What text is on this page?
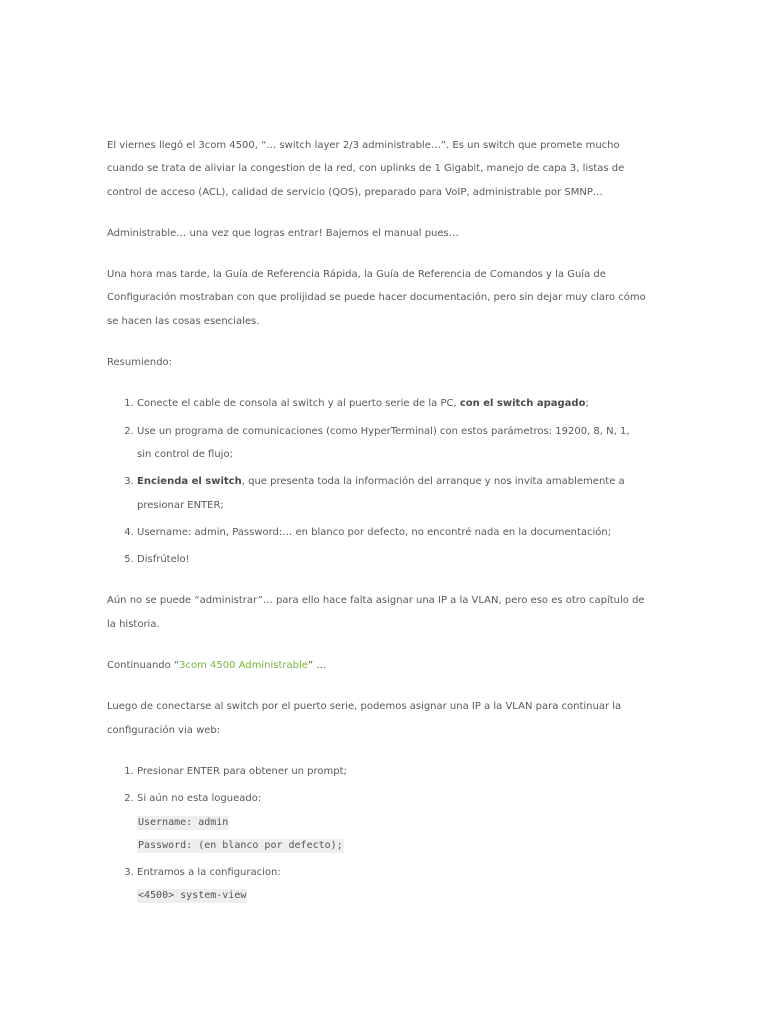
El viernes llegó el 3com 4500, “… switch layer 2/3 administrable…”. Es un switch que promete mucho cuando se trata de aliviar la congestion de la red, con uplinks de 1 Gigabit, manejo de capa 3, listas de control de acceso (ACL), calidad de servicio (QOS), preparado para VoIP, administrable por SMNP…

Administrable… una vez que logras entrar! Bajemos el manual pues…

Una hora mas tarde, la Guía de Referencia Rápida, la Guía de Referencia de Comandos y la Guía de Configuración mostraban con que prolijidad se puede hacer documentación, pero sin dejar muy claro cómo se hacen las cosas esenciales.

Resumiendo:

1. Conecte el cable de consola al switch y al puerto serie de la PC, con el switch apagado;
2. Use un programa de comunicaciones (como HyperTerminal) con estos parámetros: 19200, 8, N, 1, sin control de flujo;
3. Encienda el switch, que presenta toda la información del arranque y nos invita amablemente a presionar ENTER;
4. Username: admin, Password:… en blanco por defecto, no encontré nada en la documentación;
5. Disfrútelo!

Aún no se puede “administrar”… para ello hace falta asignar una IP a la VLAN, pero eso es otro capítulo de la historia.

Continuando “3com 4500 Administrable” …

Luego de conectarse al switch por el puerto serie, podemos asignar una IP a la VLAN para continuar la configuración via web:

1. Presionar ENTER para obtener un prompt;
2. Si aún no esta logueado:
Username: admin
Password: (en blanco por defecto);
3. Entramos a la configuracion:
<4500> system-view
